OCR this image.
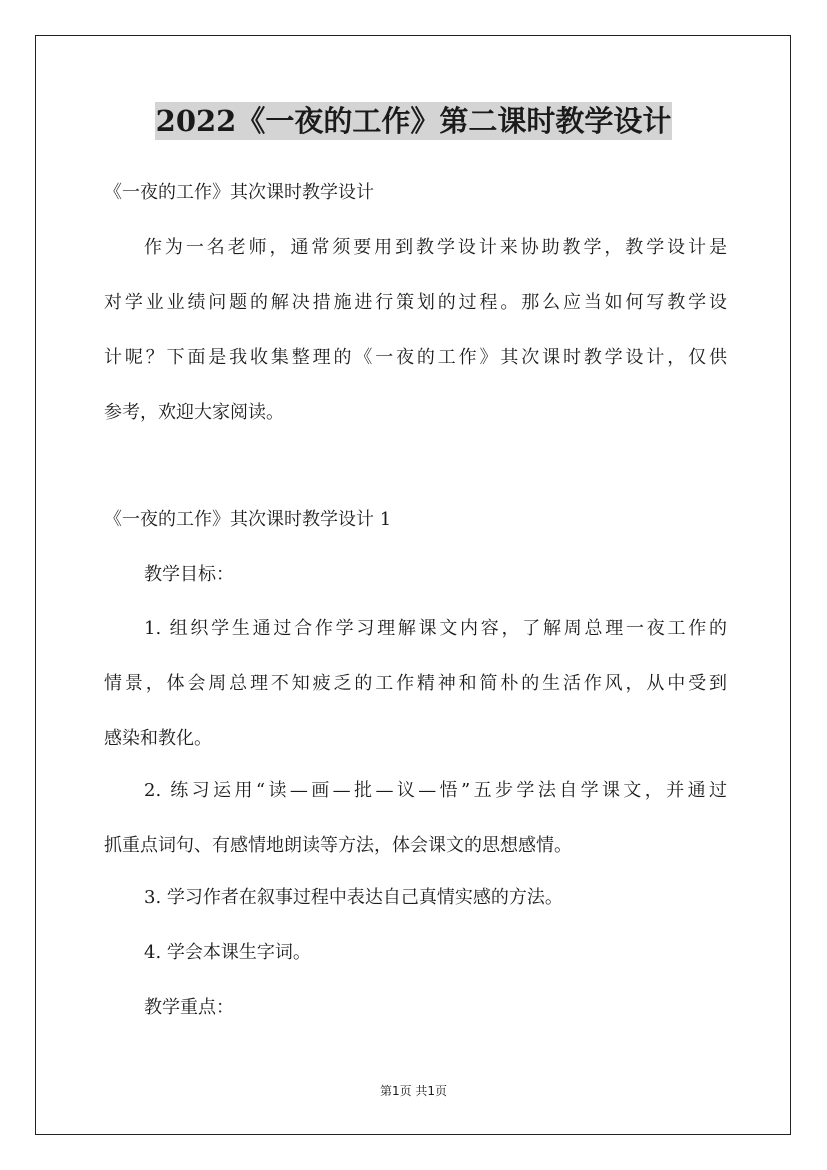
2022《一夜的工作》第二课时教学设计
《一夜的工作》其次课时教学设计
作为一名老师，通常须要用到教学设计来协助教学，教学设计是
对学业业绩问题的解决措施进行策划的过程。那么应当如何写教学设
计呢？下面是我收集整理的《一夜的工作》其次课时教学设计，仅供
参考，欢迎大家阅读。
《一夜的工作》其次课时教学设计 1
教学目标：
1. 组织学生通过合作学习理解课文内容，了解周总理一夜工作的
情景，体会周总理不知疲乏的工作精神和简朴的生活作风，从中受到
感染和教化。
2. 练习运用“读—画—批—议—悟”五步学法自学课文，并通过
抓重点词句、有感情地朗读等方法，体会课文的思想感情。
3. 学习作者在叙事过程中表达自己真情实感的方法。
4. 学会本课生字词。
教学重点：
第1页 共1页
